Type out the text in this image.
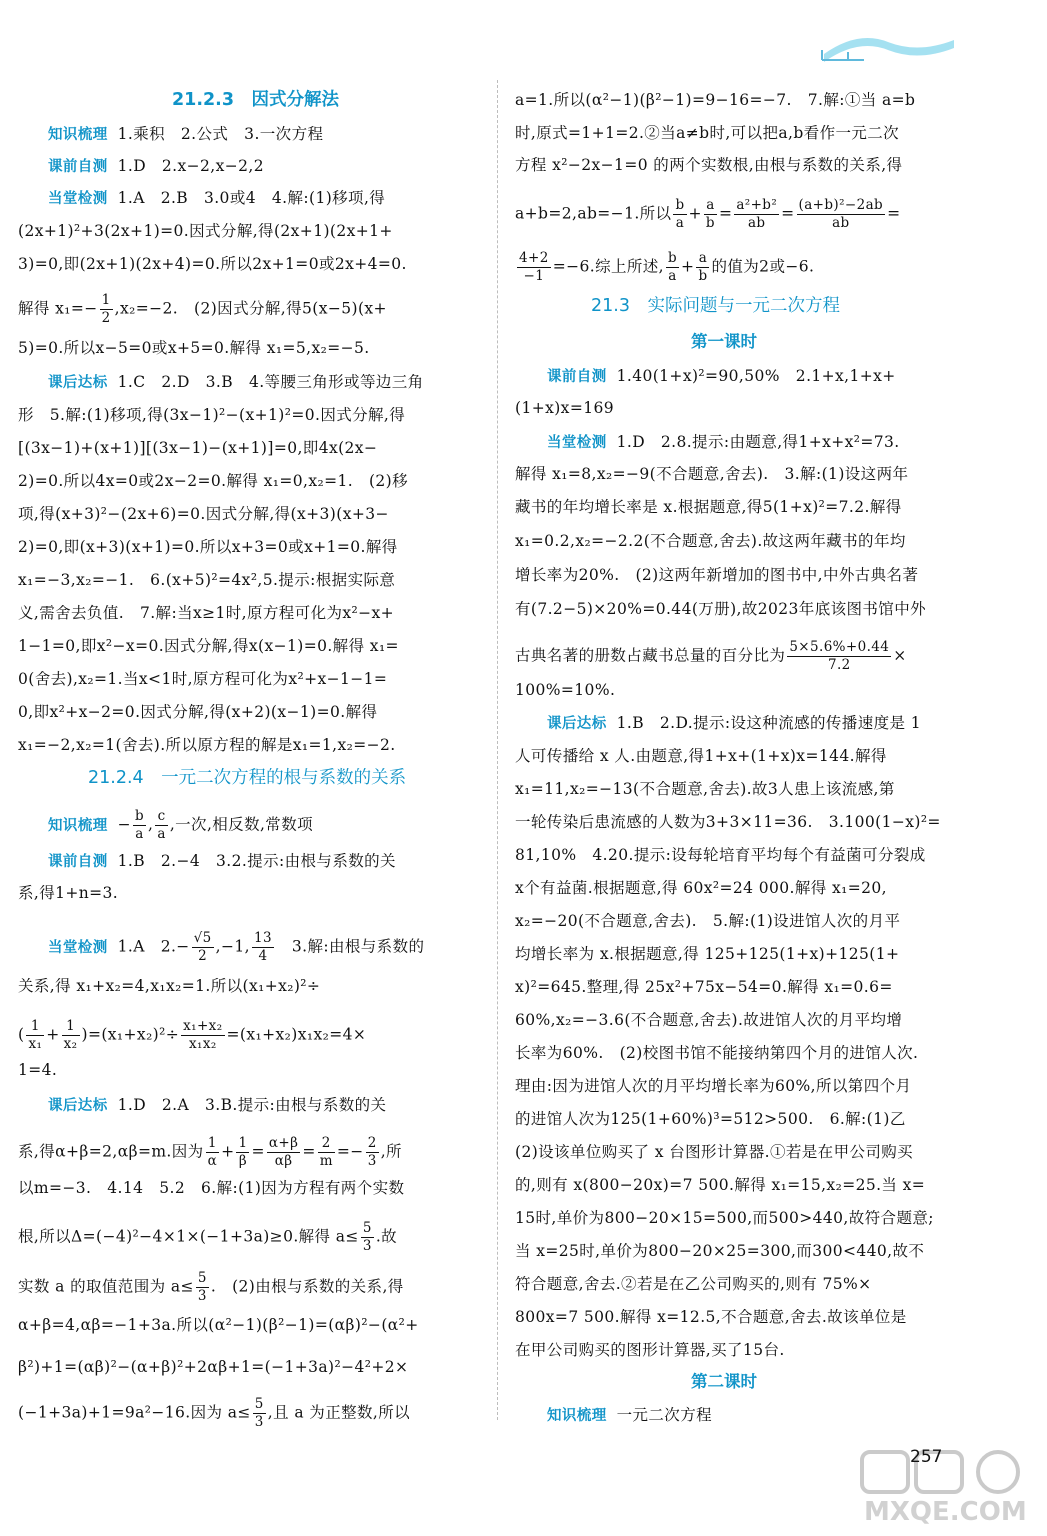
21.2.3　因式分解法
知识梳理 1.乘积　2.公式　3.一次方程
课前自测 1.D　2.x−2,x−2,2
当堂检测 1.A　2.B　3.0或4　4.解:(1)移项,得
(2x+1)²+3(2x+1)=0.因式分解,得(2x+1)(2x+1+
3)=0,即(2x+1)(2x+4)=0.所以2x+1=0或2x+4=0.
解得 $x_1=- \frac{1}{2} ,x_2=-2$.　(2)因式分解,得5(x−5)(x+
5)=0.所以x−5=0或x+5=0.解得 x₁=5,x₂=−5.
课后达标 1.C　2.D　3.B　4.等腰三角形或等边三角
形　5.解:(1)移项,得(3x−1)²−(x+1)²=0.因式分解,得
[(3x−1)+(x+1)][(3x−1)−(x+1)]=0,即4x(2x−
2)=0.所以4x=0或2x−2=0.解得 x₁=0,x₂=1.　(2)移
项,得(x+3)²−(2x+6)=0.因式分解,得(x+3)(x+3−
2)=0,即(x+3)(x+1)=0.所以x+3=0或x+1=0.解得
x₁=−3,x₂=−1.　6.(x+5)²=4x²,5.提示:根据实际意
义,需舍去负值.　7.解:当x≥1时,原方程可化为x²−x+
1−1=0,即x²−x=0.因式分解,得x(x−1)=0.解得 x₁=
0(舍去),x₂=1.当x<1时,原方程可化为x²+x−1−1=
0,即x²+x−2=0.因式分解,得(x+2)(x−1)=0.解得
x₁=−2,x₂=1(舍去).所以原方程的解是x₁=1,x₂=−2.
21.2.4　一元二次方程的根与系数的关系
知识梳理 − $\frac{b}{a}$ , $\frac{c}{a}$ ,一次,相反数,常数项
课前自测 1.B　2.−4　3.2.提示:由根与系数的关
系,得1+n=3.
当堂检测 1.A　$2.- \frac{√5}{2} ,-1$, $\frac{13}{4}$ 　3.解:由根与系数的
关系,得 x₁+x₂=4,x₁x₂=1.所以(x₁+x₂)²÷
( $\frac{1}{\text{x₁}} + \frac{1}{\text{x₂}} )=(x_1+x_2)^2\div \frac{\text{x₁+x₂}}{\text{x₁x₂}} =(x_1+x_2)x_1x_2=4\times$
1=4.
课后达标 1.D　2.A　3.B.提示:由根与系数的关
系,得α+β=2,αβ=m.因为 $\frac{1}{\alpha} + \frac{1}{\beta} = \frac{\alpha+\beta}{\alpha\beta} = \frac{2}{m} =- \frac{2}{3}$ ,所
以m=−3.　4.14　5.2　6.解:(1)因为方程有两个实数
根,所以Δ=(−4)²−4×1×(−1+3a)≥0.解得 $a\le \frac{5}{3}$ .故
实数 a 的取值范围为 $a\le \frac{5}{3}$ .　(2)由根与系数的关系,得
α+β=4,αβ=−1+3a.所以(α²−1)(β²−1)=(αβ)²−(α²+
β²)+1=(αβ)²−(α+β)²+2αβ+1=(−1+3a)²−4²+2×
(−1+3a)+1=9a²−16.因为 $a\le \frac{5}{3}$ ,且 a 为正整数,所以
a=1.所以(α²−1)(β²−1)=9−16=−7.　7.解:①当 a=b
时,原式=1+1=2.②当a≠b时,可以把a,b看作一元二次
方程 x²−2x−1=0 的两个实数根,由根与系数的关系,得
a+b=2,ab=−1.所以 $\frac{b}{a} + \frac{a}{b} = \frac{\text{a²+b²}}{ab} = \frac{\text{(a+b)²−2ab}}{ab}$ =
$\frac{4+2}{-1} =-6$.综上所述, $\frac{b}{a} + \frac{a}{b}$ 的值为2或−6.
21.3　实际问题与一元二次方程
第一课时
课前自测 1.40(1+x)²=90,50%　2.1+x,1+x+
(1+x)x=169
当堂检测 1.D　2.8.提示:由题意,得1+x+x²=73.
解得 x₁=8,x₂=−9(不合题意,舍去).　3.解:(1)设这两年
藏书的年均增长率是 x.根据题意,得5(1+x)²=7.2.解得
x₁=0.2,x₂=−2.2(不合题意,舍去).故这两年藏书的年均
增长率为20%.　(2)这两年新增加的图书中,中外古典名著
有(7.2−5)×20%=0.44(万册),故2023年底该图书馆中外
古典名著的册数占藏书总量的百分比为 $\frac{5\times 5.6\%+0.44}{7.2}$ ×
100%=10%.
课后达标 1.B　2.D.提示:设这种流感的传播速度是 1
人可传播给 x 人.由题意,得1+x+(1+x)x=144.解得
x₁=11,x₂=−13(不合题意,舍去).故3人患上该流感,第
一轮传染后患流感的人数为3+3×11=36.　3.100(1−x)²=
81,10%　4.20.提示:设每轮培育平均每个有益菌可分裂成
x个有益菌.根据题意,得 60x²=24 000.解得 x₁=20,
x₂=−20(不合题意,舍去).　5.解:(1)设进馆人次的月平
均增长率为 x.根据题意,得 125+125(1+x)+125(1+
x)²=645.整理,得 25x²+75x−54=0.解得 x₁=0.6=
60%,x₂=−3.6(不合题意,舍去).故进馆人次的月平均增
长率为60%.　(2)校图书馆不能接纳第四个月的进馆人次.
理由:因为进馆人次的月平均增长率为60%,所以第四个月
的进馆人次为125(1+60%)³=512>500.　6.解:(1)乙
(2)设该单位购买了 x 台图形计算器.①若是在甲公司购买
的,则有 x(800−20x)=7 500.解得 x₁=15,x₂=25.当 x=
15时,单价为800−20×15=500,而500>440,故符合题意;
当 x=25时,单价为800−20×25=300,而300<440,故不
符合题意,舍去.②若是在乙公司购买的,则有 75%×
800x=7 500.解得 x=12.5,不合题意,舍去.故该单位是
在甲公司购买的图形计算器,买了15台.
第二课时
知识梳理 一元二次方程
MXQE.COM
257
